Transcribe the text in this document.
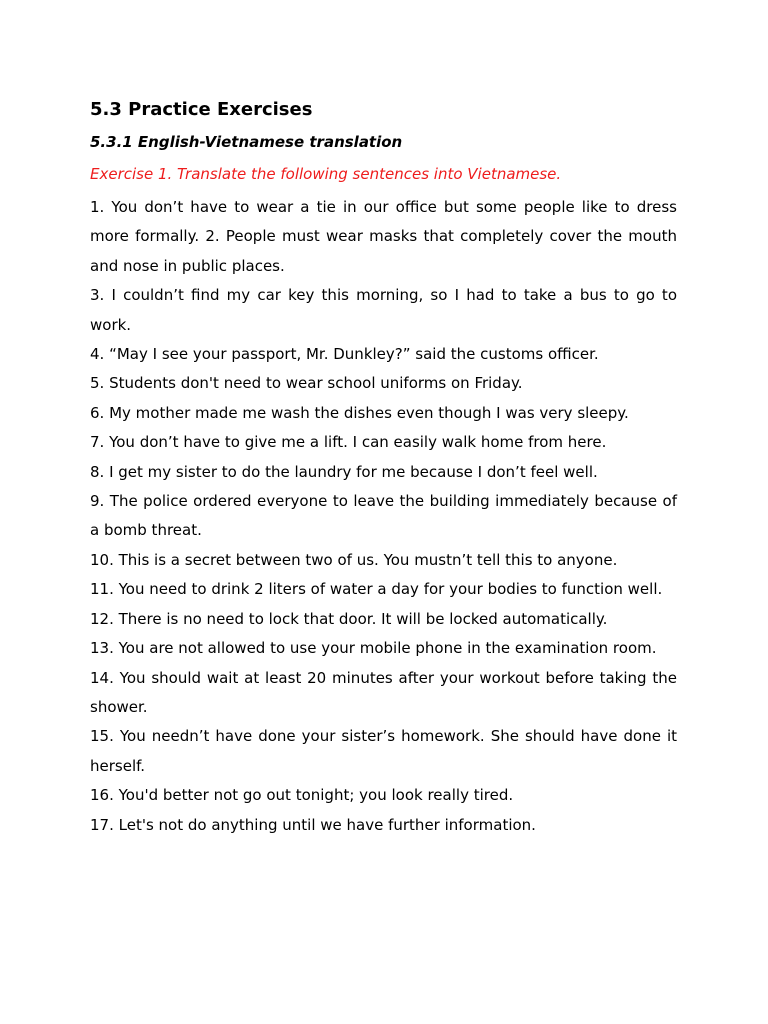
5.3 Practice Exercises
5.3.1 English-Vietnamese translation
Exercise 1. Translate the following sentences into Vietnamese.
1. You don’t have to wear a tie in our office but some people like to dress more formally. 2. People must wear masks that completely cover the mouth and nose in public places.
3. I couldn’t find my car key this morning, so I had to take a bus to go to work.
4. “May I see your passport, Mr. Dunkley?” said the customs officer.
5. Students don't need to wear school uniforms on Friday.
6. My mother made me wash the dishes even though I was very sleepy.
7. You don’t have to give me a lift. I can easily walk home from here.
8. I get my sister to do the laundry for me because I don’t feel well.
9. The police ordered everyone to leave the building immediately because of a bomb threat.
10. This is a secret between two of us. You mustn’t tell this to anyone.
11. You need to drink 2 liters of water a day for your bodies to function well.
12. There is no need to lock that door. It will be locked automatically.
13. You are not allowed to use your mobile phone in the examination room.
14. You should wait at least 20 minutes after your workout before taking the shower.
15. You needn’t have done your sister’s homework. She should have done it herself.
16. You'd better not go out tonight; you look really tired.
17. Let's not do anything until we have further information.
